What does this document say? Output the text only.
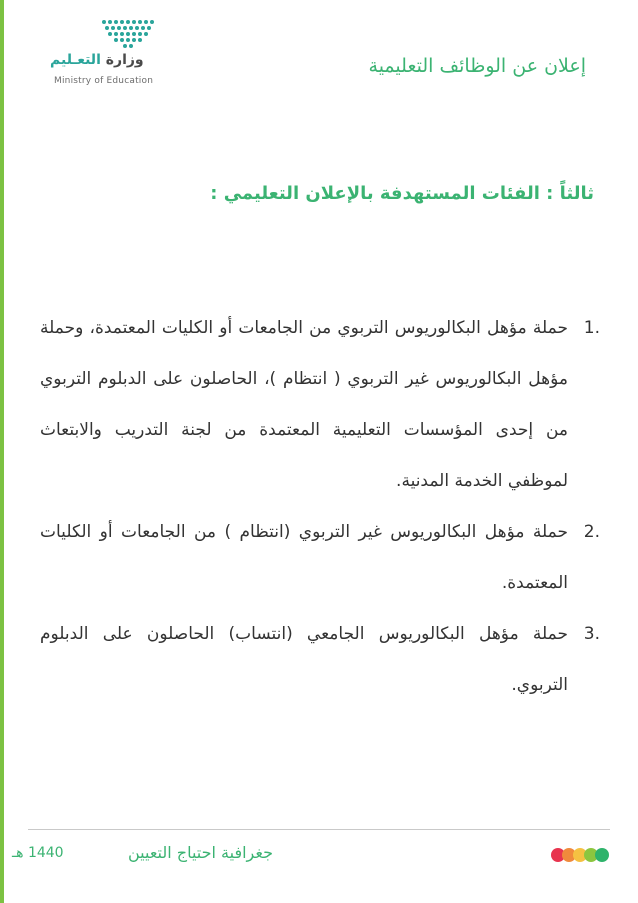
وزارة التعـليم
Ministry of Education
إعلان عن الوظائف التعليمية
ثالثاً : الفئات المستهدفة بالإعلان التعليمي :
.1
حملة مؤهل البكالوريوس التربوي من الجامعات أو الكليات المعتمدة، وحملة مؤهل البكالوريوس غير التربوي ( انتظام )، الحاصلون على الدبلوم التربوي من إحدى المؤسسات التعليمية المعتمدة من لجنة التدريب والابتعاث لموظفي الخدمة المدنية.
.2
حملة مؤهل البكالوريوس غير التربوي (انتظام ) من الجامعات أو الكليات المعتمدة.
.3
حملة مؤهل البكالوريوس الجامعي (انتساب) الحاصلون على الدبلوم التربوي.
جغرافية احتياج التعيين
1440 هـ
